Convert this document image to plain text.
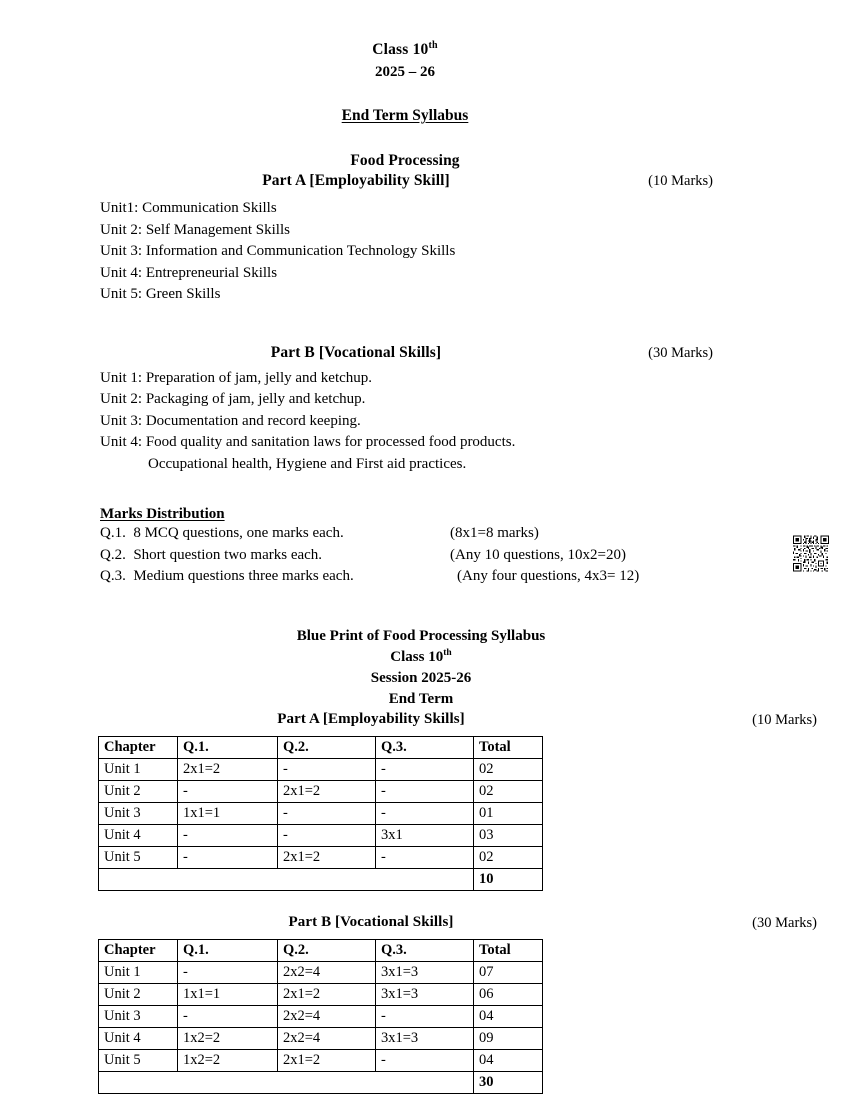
Class 10th
2025 – 26
End Term Syllabus
Food Processing
Part A [Employability Skill]	(10 Marks)
Unit1: Communication Skills
Unit 2: Self Management Skills
Unit 3: Information and Communication Technology Skills
Unit 4: Entrepreneurial Skills
Unit 5: Green Skills
Part B [Vocational Skills]	(30 Marks)
Unit 1: Preparation of jam, jelly and ketchup.
Unit 2: Packaging of jam, jelly and ketchup.
Unit 3: Documentation and record keeping.
Unit 4: Food quality and sanitation laws for processed food products.
Occupational health, Hygiene and First aid practices.
Marks Distribution
Q.1.  8 MCQ questions, one marks each.	(8x1=8 marks)
Q.2.  Short question two marks each.	(Any 10 questions, 10x2=20)
Q.3.  Medium questions three marks each.	(Any four questions, 4x3= 12)
Blue Print of Food Processing Syllabus
Class 10th
Session 2025-26
End Term
Part A [Employability Skills]	(10 Marks)
Chapter	Q.1.	Q.2.	Q.3.	Total
Unit 1	2x1=2	-	-	02
Unit 2	-	2x1=2	-	02
Unit 3	1x1=1	-	-	01
Unit 4	-	-	3x1	03
Unit 5	-	2x1=2	-	02
				10
Part B [Vocational Skills]	(30 Marks)
Chapter	Q.1.	Q.2.	Q.3.	Total
Unit 1	-	2x2=4	3x1=3	07
Unit 2	1x1=1	2x1=2	3x1=3	06
Unit 3	-	2x2=4	-	04
Unit 4	1x2=2	2x2=4	3x1=3	09
Unit 5	1x2=2	2x1=2	-	04
				30
